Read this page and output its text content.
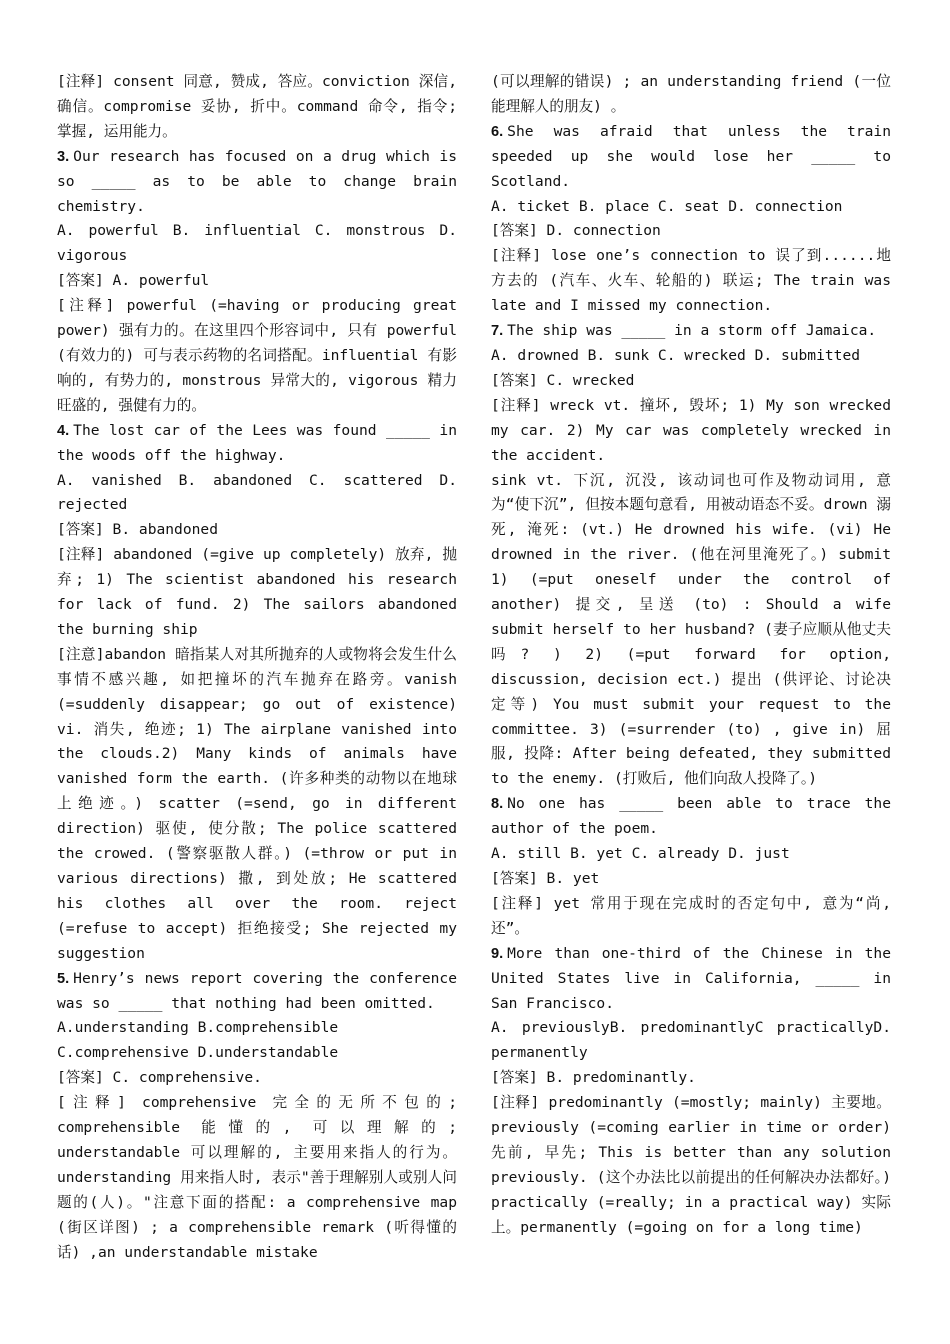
[注释] consent 同意, 赞成, 答应。conviction 深信, 确信。compromise 妥协, 折中。command 命令, 指令; 掌握, 运用能力。

3. Our research has focused on a drug which is so _____ as to be able to change brain chemistry.

A. powerful B. influential C. monstrous D. vigorous

[答案] A. powerful

[注释] powerful (=having or producing great power) 强有力的。在这里四个形容词中, 只有 powerful (有效力的) 可与表示药物的名词搭配。influential 有影响的, 有势力的, monstrous 异常大的, vigorous 精力旺盛的, 强健有力的。

4. The lost car of the Lees was found _____ in the woods off the highway.

A. vanished B. abandoned C. scattered D. rejected

[答案] B. abandoned

[注释] abandoned (=give up completely) 放弃, 抛弃; 1) The scientist abandoned his research for lack of fund. 2) The sailors abandoned the burning ship

[注意]abandon 暗指某人对其所抛弃的人或物将会发生什么事情不感兴趣, 如把撞坏的汽车抛弃在路旁。vanish (=suddenly disappear; go out of existence) vi. 消失, 绝迹; 1) The airplane vanished into the clouds.2) Many kinds of animals have vanished form the earth. (许多种类的动物以在地球上绝迹。) scatter (=send, go in different direction) 驱使, 使分散; The police scattered the crowed. (警察驱散人群。) (=throw or put in various directions) 撒, 到处放; He scattered his clothes all over the room. reject (=refuse to accept) 拒绝接受; She rejected my suggestion

5. Henry’s news report covering the conference was so _____ that nothing had been omitted.

A.understanding B.comprehensible

C.comprehensive D.understandable

[答案] C. comprehensive.

[注释] comprehensive 完全的无所不包的; comprehensible 能懂的, 可以理解的; understandable 可以理解的, 主要用来指人的行为。understanding 用来指人时, 表示"善于理解别人或别人问题的(人)。"注意下面的搭配: a comprehensive map (街区详图) ; a comprehensible remark (听得懂的话) ,an understandable mistake

(可以理解的错误) ; an understanding friend (一位能理解人的朋友) 。

6. She was afraid that unless the train speeded up she would lose her _____ to Scotland.

A. ticket B. place C. seat D. connection

[答案] D. connection

[注释] lose one’s connection to 误了到......地方去的 (汽车、火车、轮船的) 联运; The train was late and I missed my connection.

7. The ship was _____ in a storm off Jamaica.

A. drowned B. sunk C. wrecked D. submitted

[答案] C. wrecked

[注释] wreck vt. 撞坏, 毁坏; 1) My son wrecked my car. 2) My car was completely wrecked in the accident.

sink vt. 下沉, 沉没, 该动词也可作及物动词用, 意为“使下沉”, 但按本题句意看, 用被动语态不妥。drown 溺死, 淹死: (vt.) He drowned his wife. (vi) He drowned in the river. (他在河里淹死了。) submit 1) (=put oneself under the control of another) 提交, 呈送 (to) : Should a wife submit herself to her husband? (妻子应顺从他丈夫吗? ) 2) (=put forward for option, discussion, decision ect.) 提出 (供评论、讨论决定等) You must submit your request to the committee. 3) (=surrender (to) , give in) 屈服, 投降: After being defeated, they submitted to the enemy. (打败后, 他们向敌人投降了。)

8. No one has _____ been able to trace the author of the poem.

A. still B. yet C. already D. just

[答案] B. yet

[注释] yet 常用于现在完成时的否定句中, 意为“尚, 还”。

9. More than one-third of the Chinese in the United States live in California, _____ in San Francisco.

A. previouslyB. predominantlyC practicallyD. permanently

[答案] B. predominantly.

[注释] predominantly (=mostly; mainly) 主要地。previously (=coming earlier in time or order) 先前, 早先; This is better than any solution previously. (这个办法比以前提出的任何解决办法都好。) practically (=really; in a practical way) 实际上。permanently (=going on for a long time)
